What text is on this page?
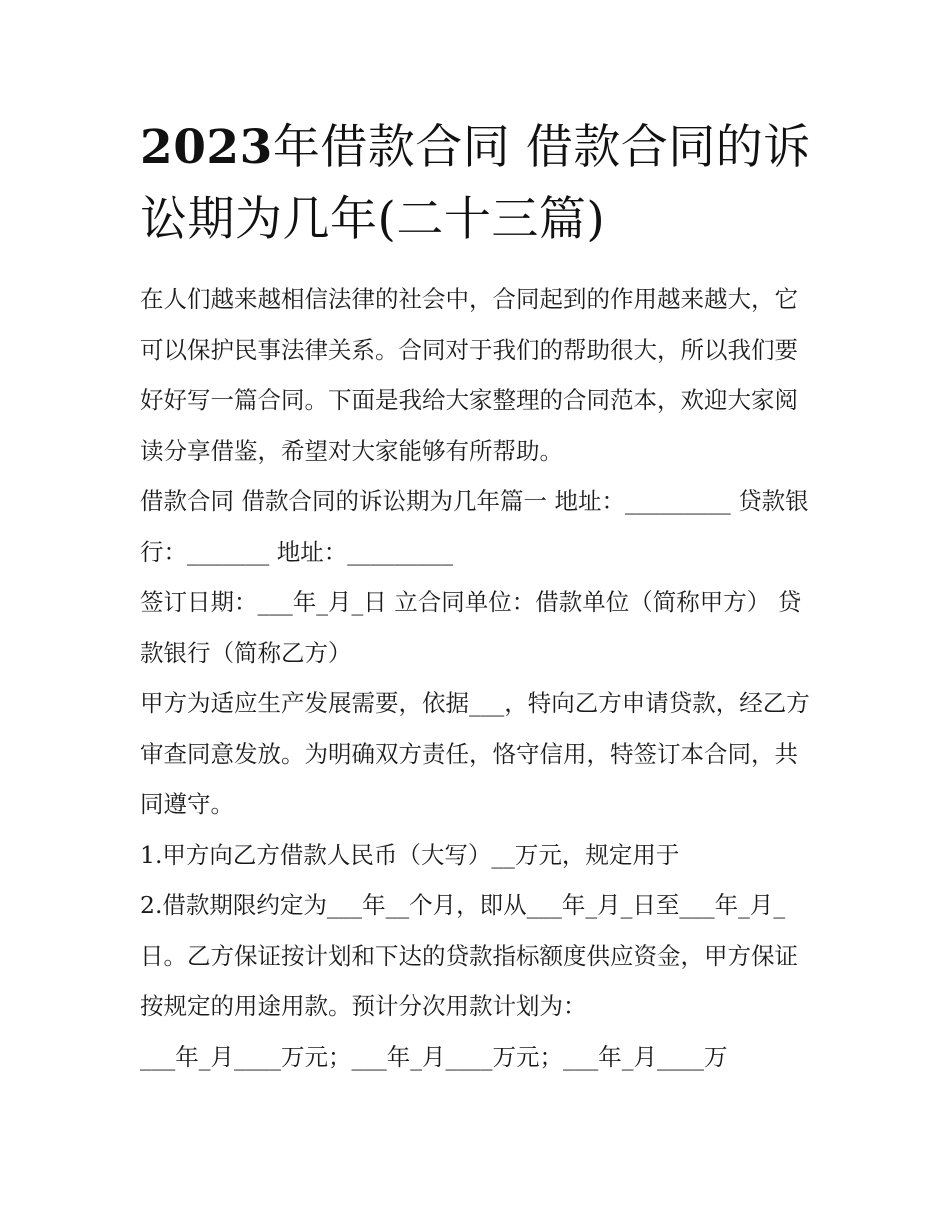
2023年借款合同 借款合同的诉讼期为几年(二十三篇)

在人们越来越相信法律的社会中，合同起到的作用越来越大，它可以保护民事法律关系。合同对于我们的帮助很大，所以我们要好好写一篇合同。下面是我给大家整理的合同范本，欢迎大家阅读分享借鉴，希望对大家能够有所帮助。

借款合同 借款合同的诉讼期为几年篇一 地址：_________ 贷款银行：_______ 地址：_________

签订日期：___年_月_日 立合同单位：借款单位（简称甲方） 贷款银行（简称乙方）

甲方为适应生产发展需要，依据___，特向乙方申请贷款，经乙方审查同意发放。为明确双方责任，恪守信用，特签订本合同，共同遵守。

1.甲方向乙方借款人民币（大写）__万元，规定用于

2.借款期限约定为___年__个月，即从___年_月_日至___年_月_日。乙方保证按计划和下达的贷款指标额度供应资金，甲方保证按规定的用途用款。预计分次用款计划为：

___年_月____万元；___年_月____万元；___年_月____万
